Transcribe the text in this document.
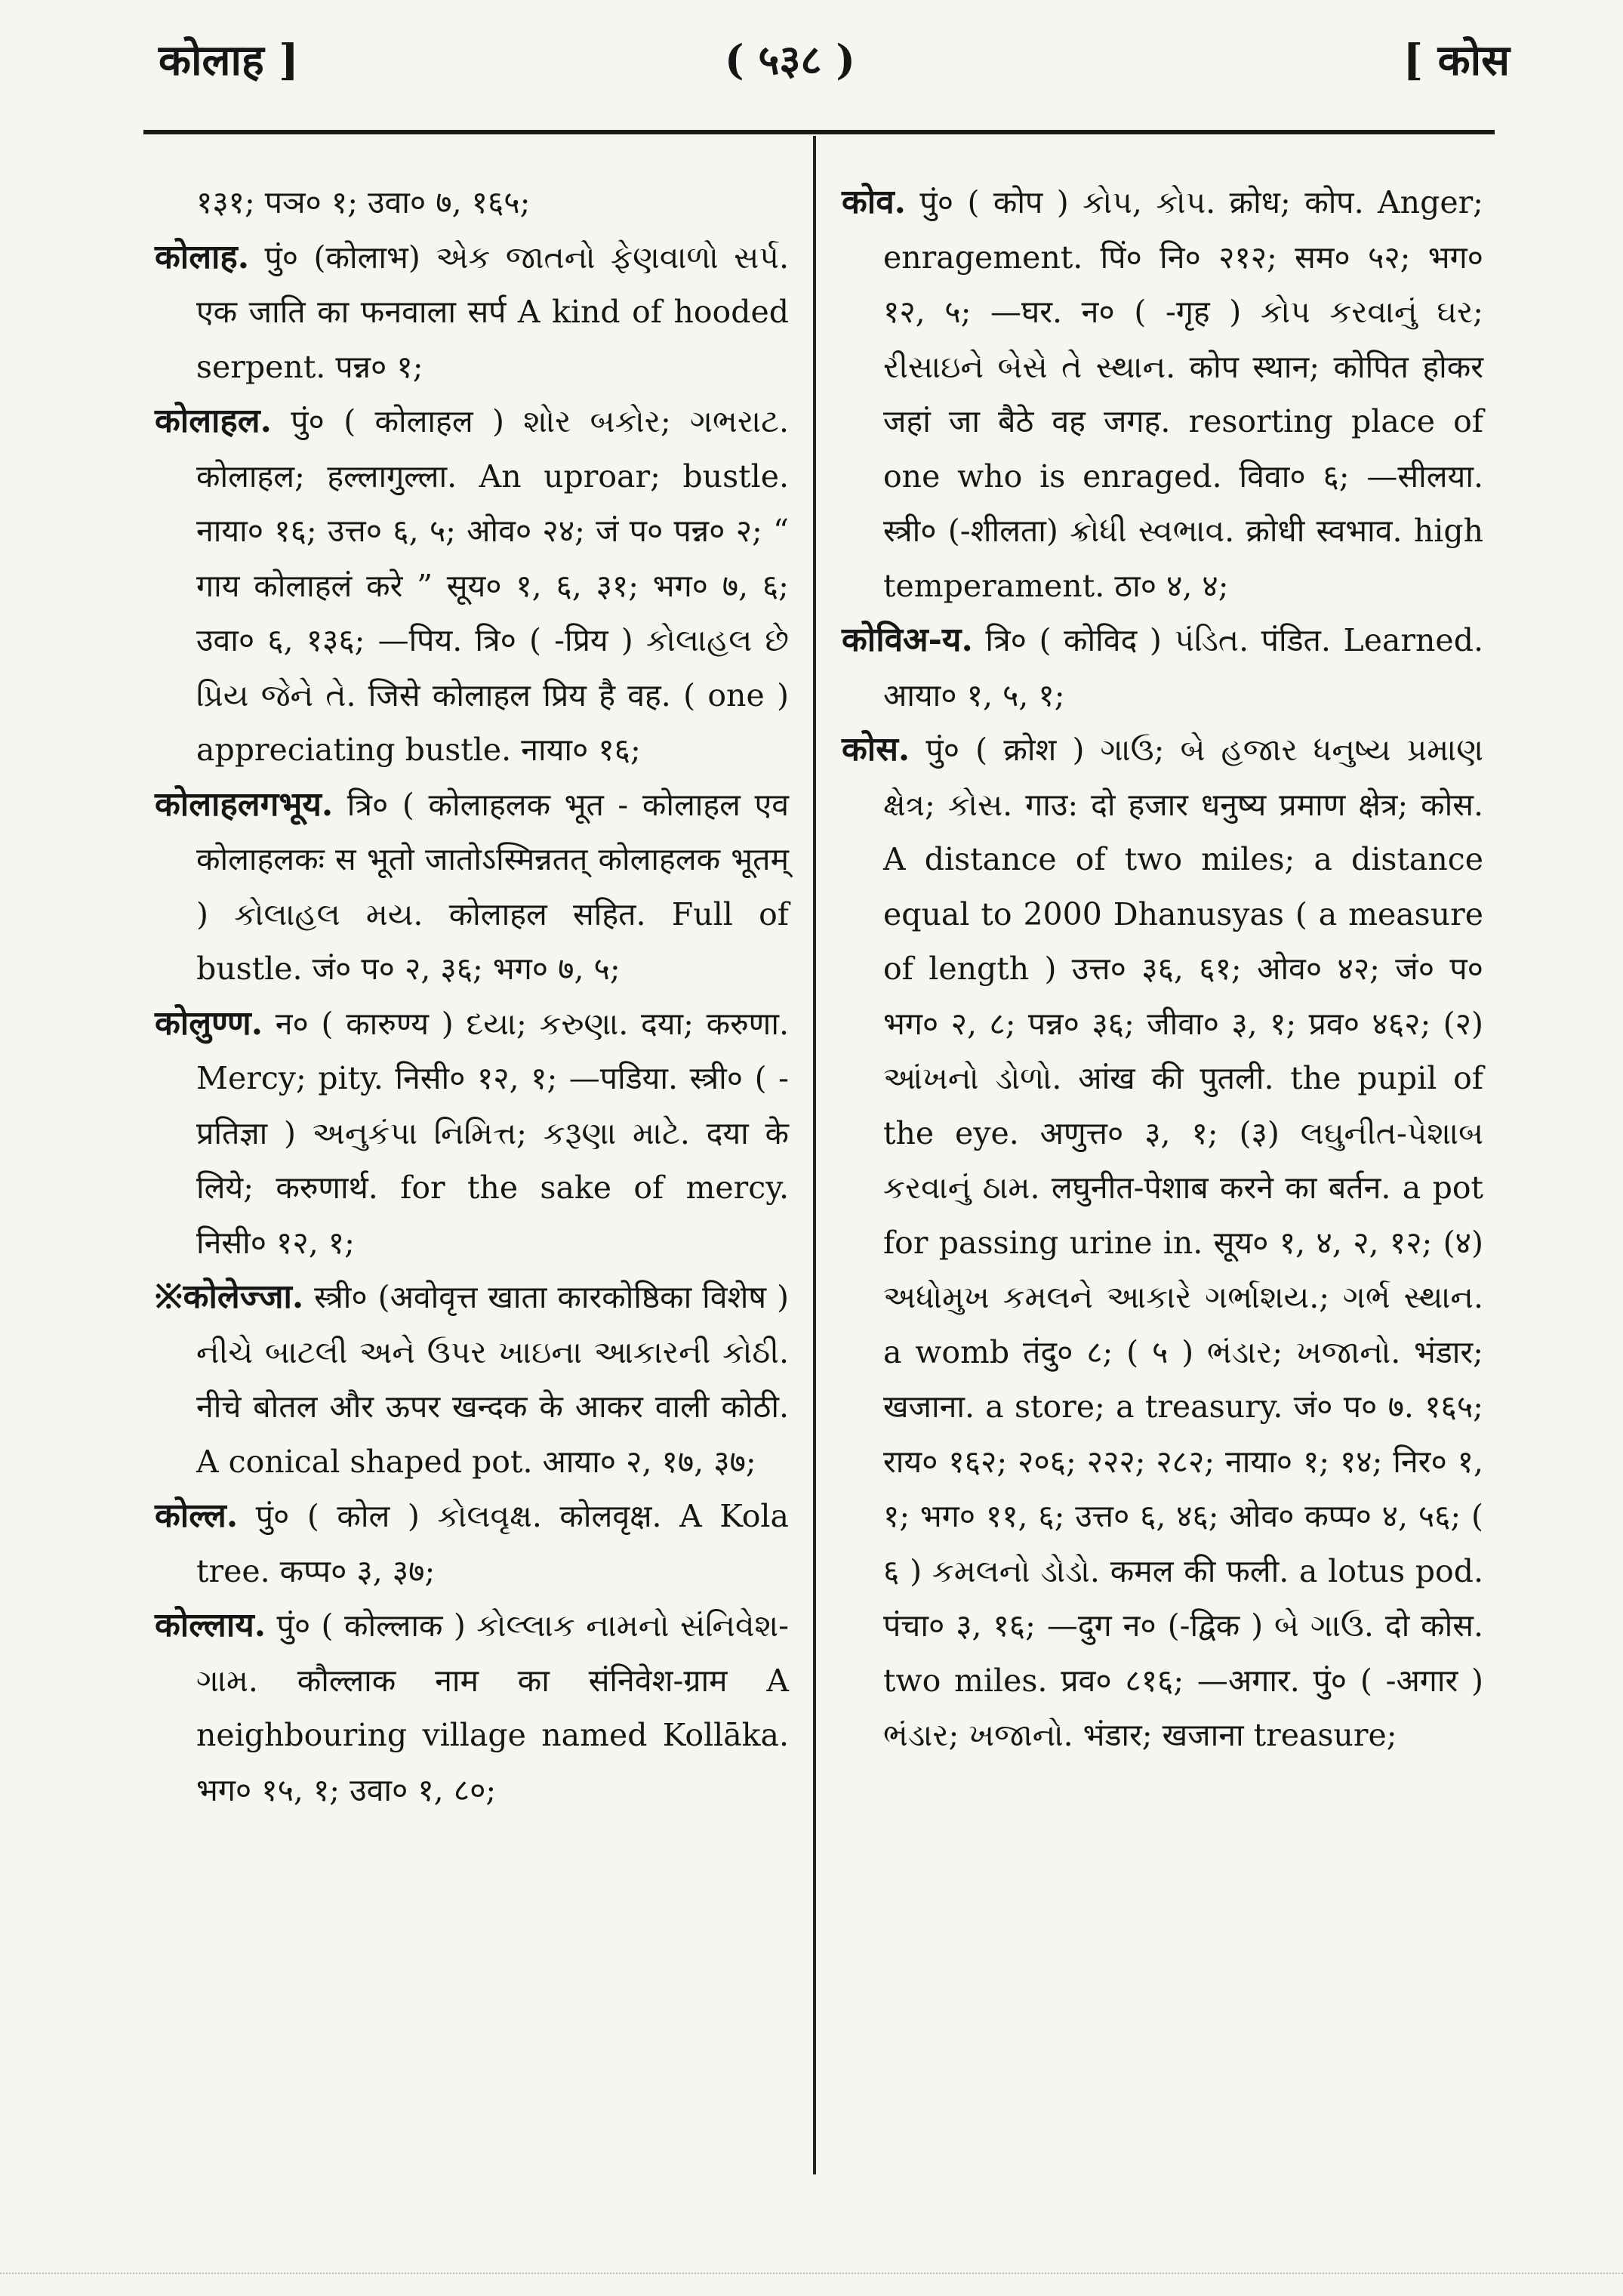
कोलाह ]	( ५३८ )	[ कोस

१३१; पञ० १; उवा० ७, १६५;

कोलाह. पुं० (कोलाभ) એક જાતનો ફેણવાળો સર્પ. एक जाति का फनवाला सर्प A kind of hooded serpent. पन्न० १;

कोलाहल. पुं० ( कोलाहल ) શોર બકોર; ગભરાટ. कोलाहल; हल्लागुल्ला. An uproar; bustle. नाया० १६; उत्त० ६, ५; ओव० २४; जं प० पन्न० २; “ गाय कोलाहलं करे ” सूय० १, ६, ३१; भग० ७, ६; उवा० ६, १३६; —पिय. त्रि० ( -प्रिय ) કોલાહલ છે પ્રિય જેને તે. जिसे कोलाहल प्रिय है वह. ( one ) appreciating bustle. नाया० १६;

कोलाहलगभूय. त्रि० ( कोलाहलक भूत - कोलाहल एव कोलाहलकः स भूतो जातोऽस्मिन्नतत् कोलाहलक भूतम् ) કોલાહલ મય. कोलाहल सहित. Full of bustle. जं० प० २, ३६; भग० ७, ५;

कोलुण्ण. न० ( कारुण्य ) દયા; કરુણા. दया; करुणा. Mercy; pity. निसी० १२, १; —पडिया. स्त्री० ( -प्रतिज्ञा ) અનુકંપા નિમિત્ત; કરૂણા માટે. दया के लिये; करुणार्थ. for the sake of mercy. निसी० १२, १;

※कोलेज्जा. स्त्री० (अवोवृत्त खाता कारकोष्ठिका विशेष ) નીચે બાટલી અને ઉપર ખાઇના આકારની કોઠી. नीचे बोतल और ऊपर खन्दक के आकर वाली कोठी. A conical shaped pot. आया० २, १७, ३७;

कोल्ल. पुं० ( कोल ) કોલવૃક્ષ. कोलवृक्ष. A Kola tree. कप्प० ३, ३७;

कोल्लाय. पुं० ( कोल्लाक ) કોલ્લાક નામનો સંનિવેશ-ગામ. कौल्लाक नाम का संनिवेश-ग्राम A neighbouring village named Kollāka. भग० १५, १; उवा० १, ८०;

कोव. पुं० ( कोप ) કોપ, કોપ. क्रोध; कोप. Anger; enragement. पिं० नि० २१२; सम० ५२; भग० १२, ५; —घर. न० ( -गृह ) કોપ કરવાનું ઘર; રીસાઇને બેસે તે સ્થાન. कोप स्थान; कोपित होकर जहां जा बैठे वह जगह. resorting place of one who is enraged. विवा० ६; —सीलया. स्त्री० (-शीलता) ક્રોધી સ્વભાવ. क्रोधी स्वभाव. high temperament. ठा० ४, ४;

कोविअ-य. त्रि० ( कोविद ) પંડિત. पंडित. Learned. आया० १, ५, १;

कोस. पुं० ( क्रोश ) ગાઉ; બે હજાર ધનુષ્ય પ્રમાણ ક્ષેત્ર; કોસ. गाउ: दो हजार धनुष्य प्रमाण क्षेत्र; कोस. A distance of two miles; a distance equal to 2000 Dhanusyas ( a measure of length ) उत्त० ३६, ६१; ओव० ४२; जं० प० भग० २, ८; पन्न० ३६; जीवा० ३, १; प्रव० ४६२; (२) આંખનો ડોળો. आंख की पुतली. the pupil of the eye. अणुत्त० ३, १; (३) લઘુનીત-પેશાબ કરવાનું ઠામ. लघुनीत-पेशाब करने का बर्तन. a pot for passing urine in. सूय० १, ४, २, १२; (४) અધોમુખ કમલને આકારે ગર્ભાશય.; ગર્ભ સ્થાન. a womb तंदु० ८; ( ५ ) ભંડાર; ખજાનો. भंडार; खजाना. a store; a treasury. जं० प० ७. १६५; राय० १६२; २०६; २२२; २८२; नाया० १; १४; निर० १, १; भग० ११, ६; उत्त० ६, ४६; ओव० कप्प० ४, ५६; ( ६ ) કમલનો ડોડો. कमल की फली. a lotus pod. पंचा० ३, १६; —दुग न० (-द्विक ) બે ગાઉ. दो कोस. two miles. प्रव० ८१६; —अगार. पुं० ( -अगार ) ભંડાર; ખજાનો. भंडार; खजाना treasure;
